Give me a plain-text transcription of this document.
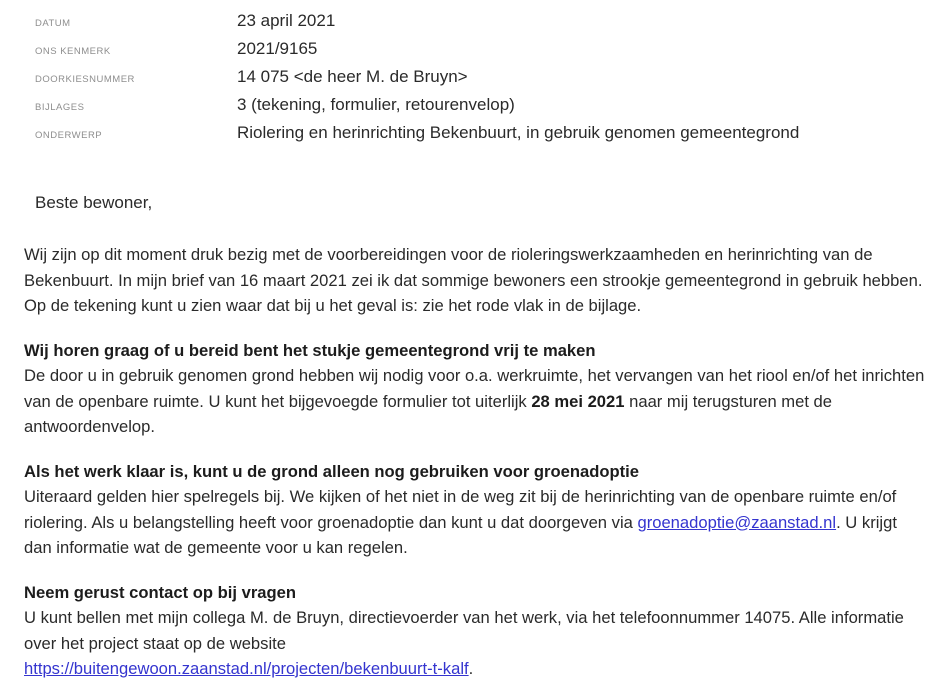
DATUM	23 april 2021
ONS KENMERK	2021/9165
DOORKIESNUMMER	14 075 <de heer M. de Bruyn>
BIJLAGES	3 (tekening, formulier, retourenvelop)
ONDERWERP	Riolering en herinrichting Bekenbuurt, in gebruik genomen gemeentegrond
Beste bewoner,

Wij zijn op dit moment druk bezig met de voorbereidingen voor de rioleringswerkzaamheden en herinrichting van de Bekenbuurt. In mijn brief van 16 maart 2021 zei ik dat sommige bewoners een strookje gemeentegrond in gebruik hebben. Op de tekening kunt u zien waar dat bij u het geval is: zie het rode vlak in de bijlage.

Wij horen graag of u bereid bent het stukje gemeentegrond vrij te maken

De door u in gebruik genomen grond hebben wij nodig voor o.a. werkruimte, het vervangen van het riool en/of het inrichten van de openbare ruimte. U kunt het bijgevoegde formulier tot uiterlijk 28 mei 2021 naar mij terugsturen met de antwoordenvelop.

Als het werk klaar is, kunt u de grond alleen nog gebruiken voor groenadoptie

Uiteraard gelden hier spelregels bij. We kijken of het niet in de weg zit bij de herinrichting van de openbare ruimte en/of riolering. Als u belangstelling heeft voor groenadoptie dan kunt u dat doorgeven via groenadoptie@zaanstad.nl. U krijgt dan informatie wat de gemeente voor u kan regelen.

Neem gerust contact op bij vragen

U kunt bellen met mijn collega M. de Bruyn, directievoerder van het werk, via het telefoonnummer 14075. Alle informatie over het project staat op de website

https://buitengewoon.zaanstad.nl/projecten/bekenbuurt-t-kalf.
